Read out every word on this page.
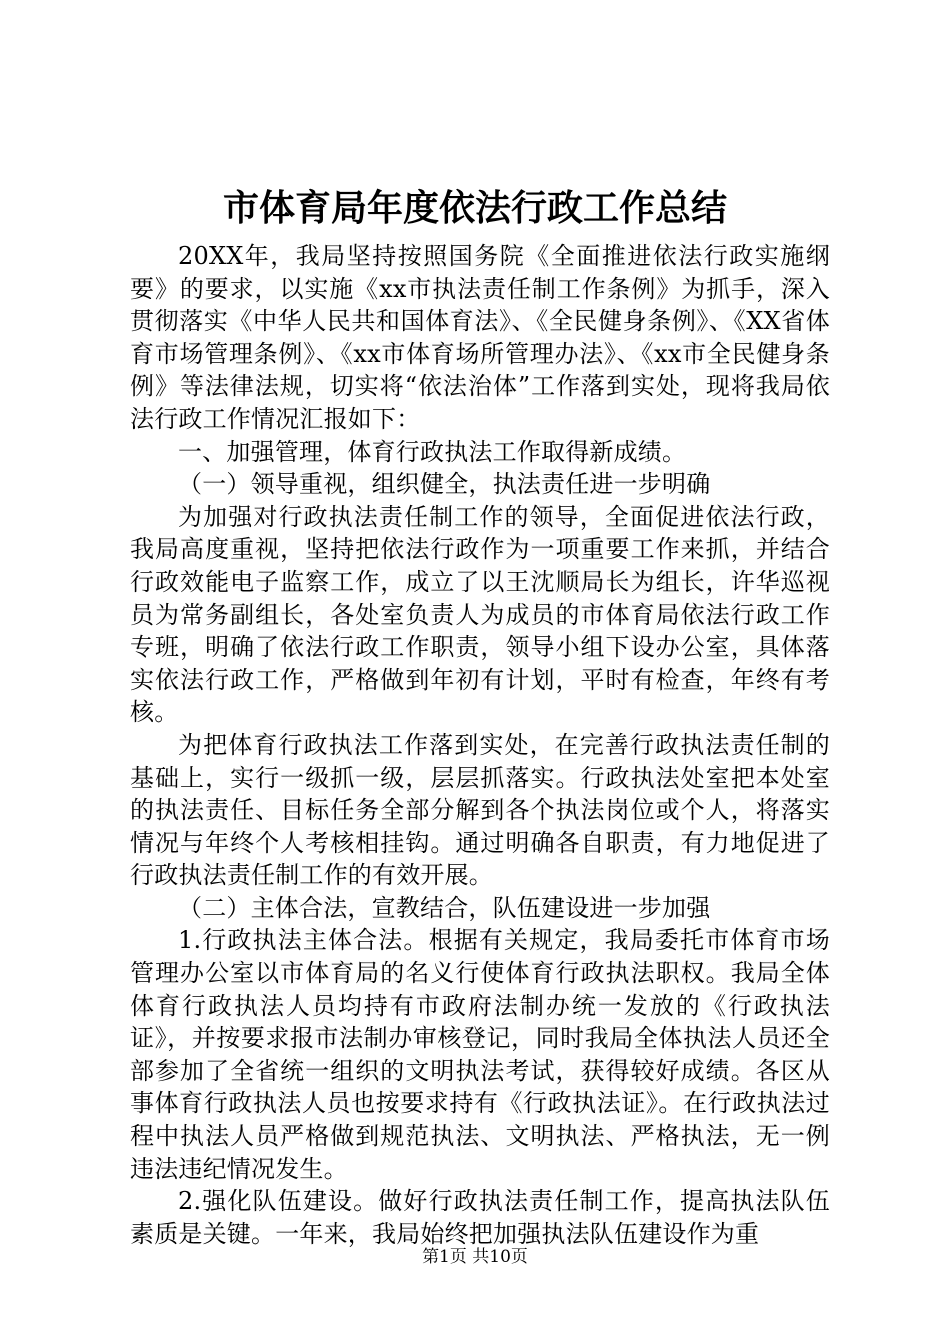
市体育局年度依法行政工作总结

20XX年，我局坚持按照国务院《全面推进依法行政实施纲要》的要求，以实施《xx市执法责任制工作条例》为抓手，深入贯彻落实《中华人民共和国体育法》、《全民健身条例》、《XX省体育市场管理条例》、《xx市体育场所管理办法》、《xx市全民健身条例》等法律法规，切实将“依法治体”工作落到实处，现将我局依法行政工作情况汇报如下：

一、加强管理，体育行政执法工作取得新成绩。

（一）领导重视，组织健全，执法责任进一步明确

为加强对行政执法责任制工作的领导，全面促进依法行政，我局高度重视，坚持把依法行政作为一项重要工作来抓，并结合行政效能电子监察工作，成立了以王沈顺局长为组长，许华巡视员为常务副组长，各处室负责人为成员的市体育局依法行政工作专班，明确了依法行政工作职责，领导小组下设办公室，具体落实依法行政工作，严格做到年初有计划，平时有检查，年终有考核。

为把体育行政执法工作落到实处，在完善行政执法责任制的基础上，实行一级抓一级，层层抓落实。行政执法处室把本处室的执法责任、目标任务全部分解到各个执法岗位或个人，将落实情况与年终个人考核相挂钩。通过明确各自职责，有力地促进了行政执法责任制工作的有效开展。

（二）主体合法，宣教结合，队伍建设进一步加强

1.行政执法主体合法。根据有关规定，我局委托市体育市场管理办公室以市体育局的名义行使体育行政执法职权。我局全体体育行政执法人员均持有市政府法制办统一发放的《行政执法证》，并按要求报市法制办审核登记，同时我局全体执法人员还全部参加了全省统一组织的文明执法考试，获得较好成绩。各区从事体育行政执法人员也按要求持有《行政执法证》。在行政执法过程中执法人员严格做到规范执法、文明执法、严格执法，无一例违法违纪情况发生。

2.强化队伍建设。做好行政执法责任制工作，提高执法队伍素质是关键。一年来，我局始终把加强执法队伍建设作为重

第1页 共10页
